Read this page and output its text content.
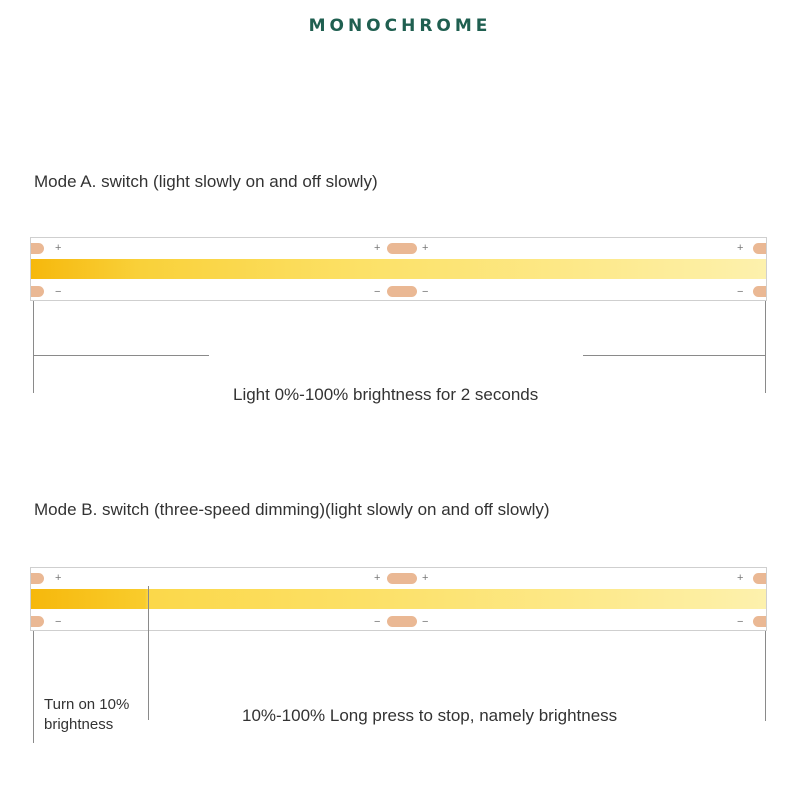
MONOCHROME
Mode A. switch (light slowly on and off slowly)
+
−
+	+
−	−
+
−
Light 0%-100% brightness for 2 seconds
Mode B. switch (three-speed dimming)(light slowly on and off slowly)
+
−
+	+
−	−
+
−
Turn on 10% brightness	10%-100% Long press to stop, namely brightness
